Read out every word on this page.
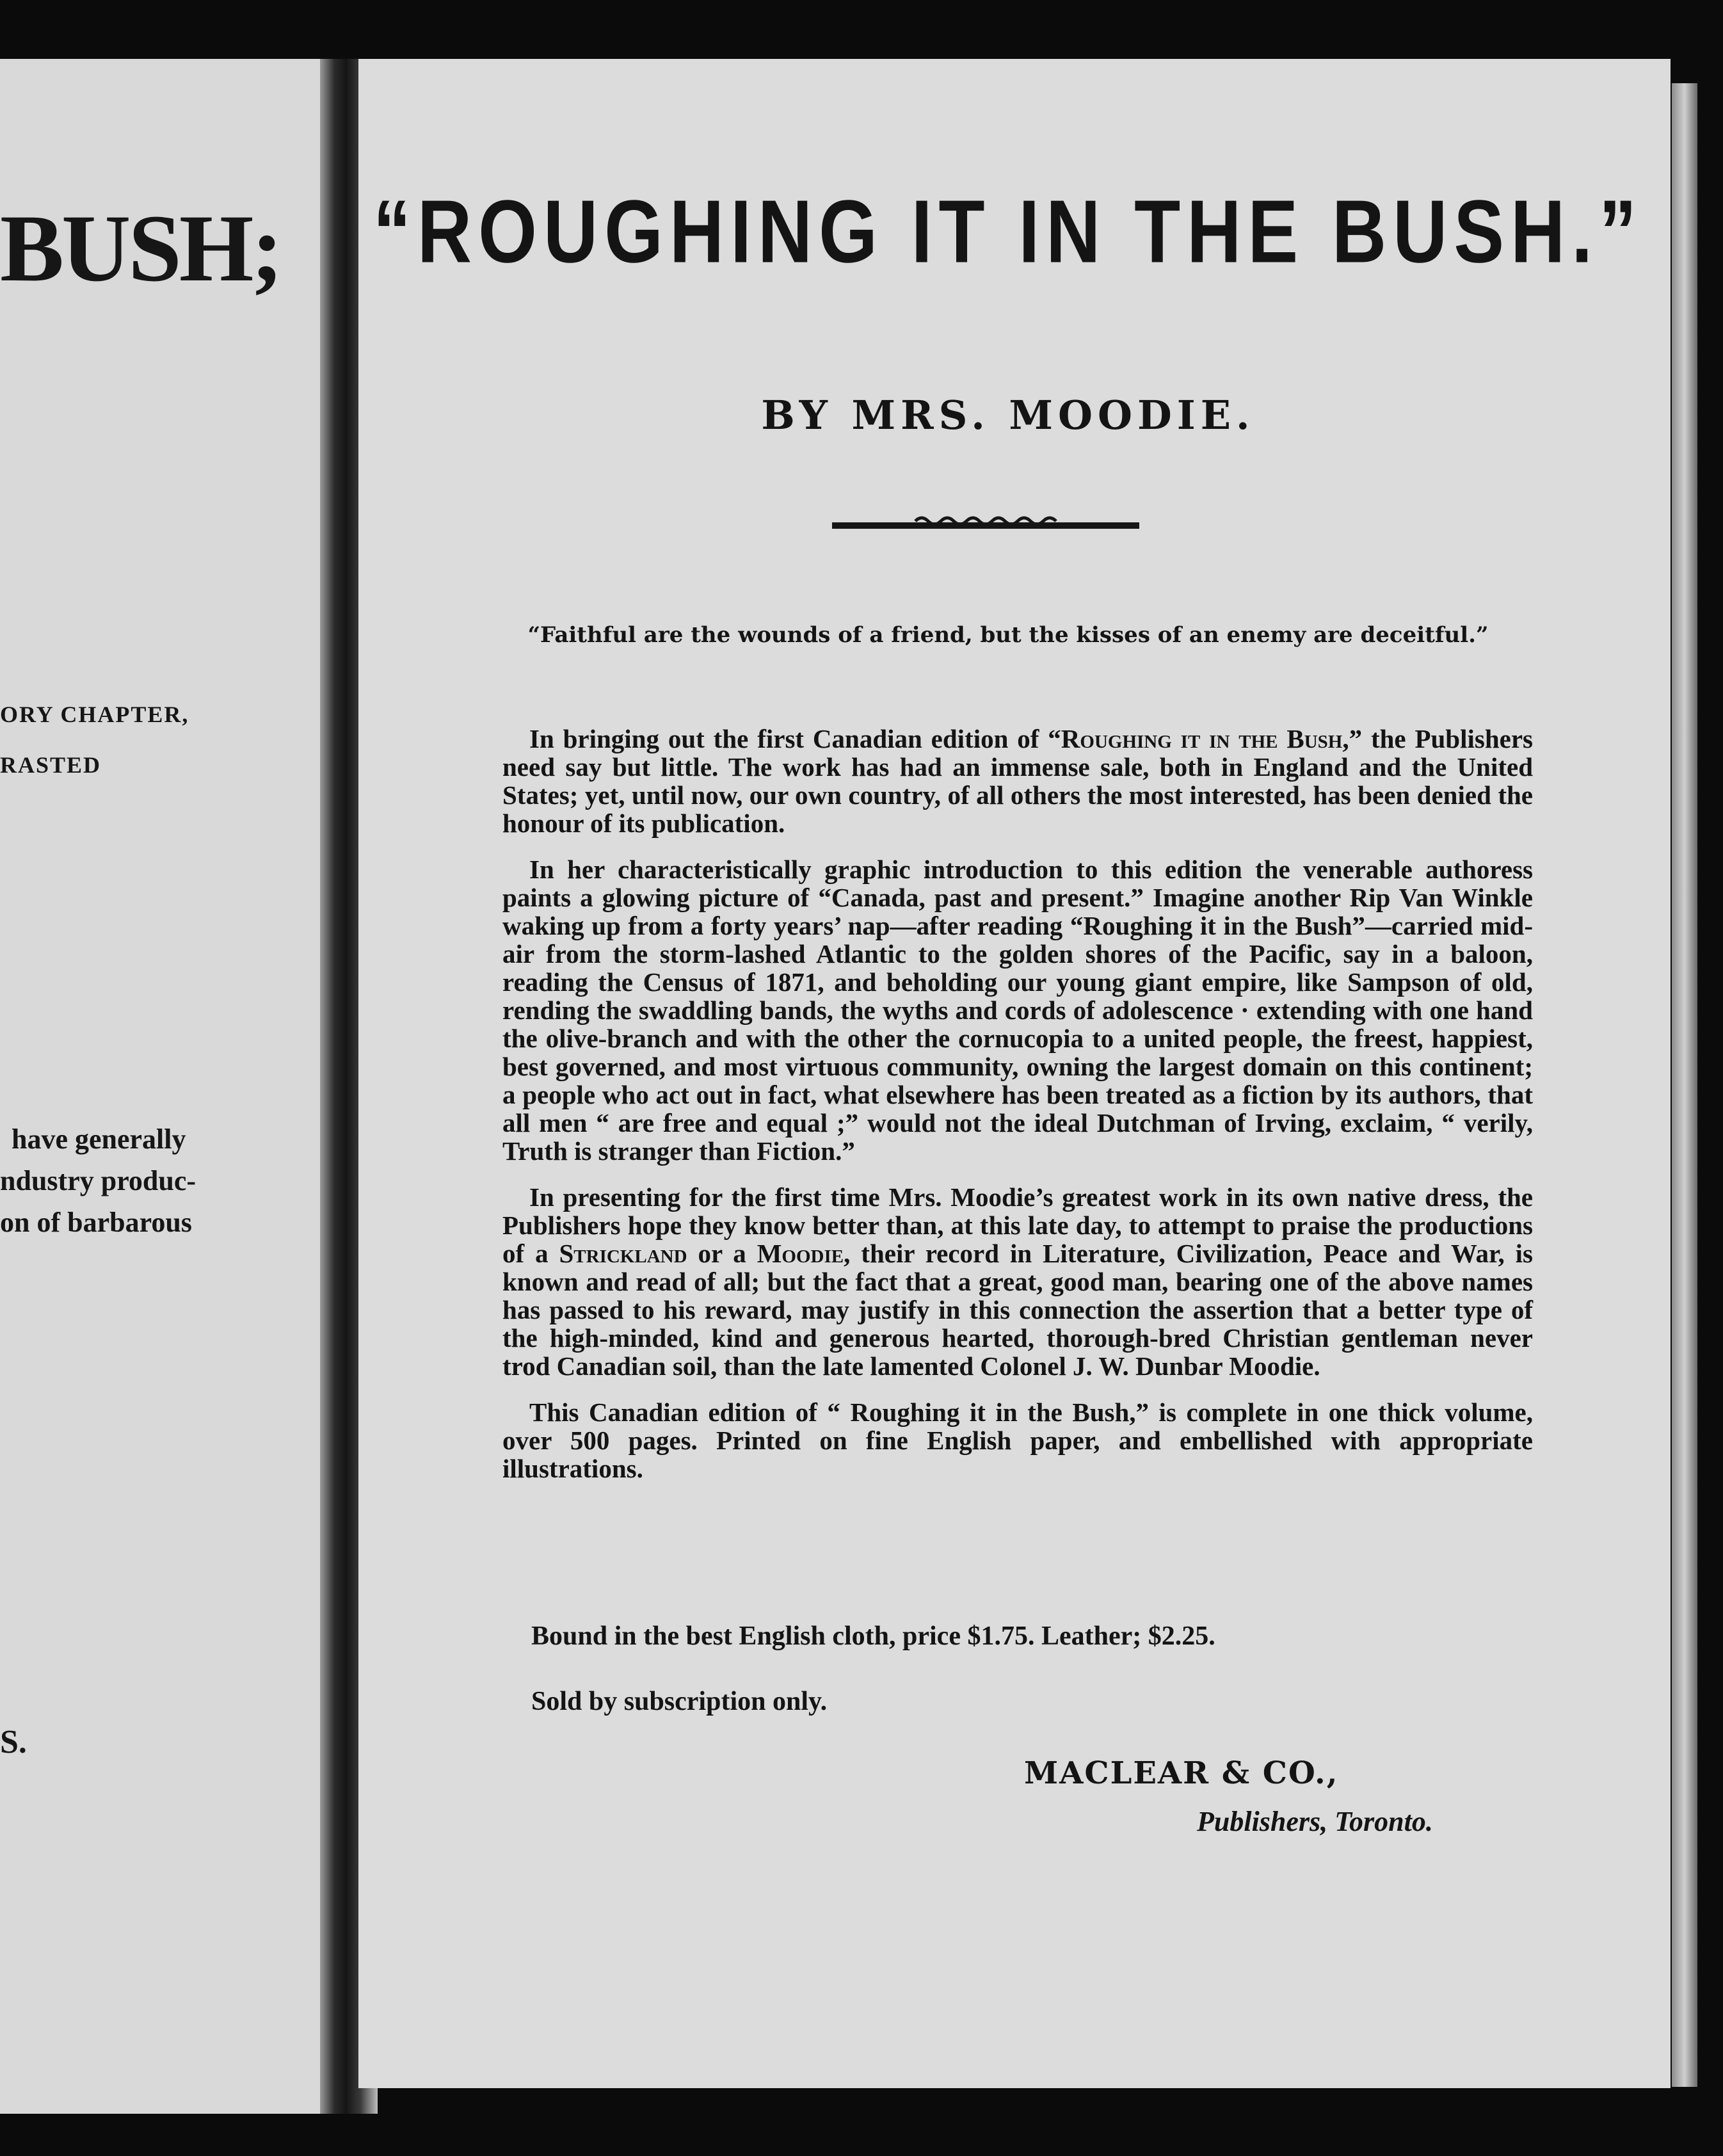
BUSH;
ORY CHAPTER,
RASTED
have generally
ndustry produc-
on of barbarous
S.
“ROUGHING IT IN THE BUSH.”
BY MRS. MOODIE.
“Faithful are the wounds of a friend, but the kisses of an enemy are deceitful.”

In bringing out the first Canadian edition of “Roughing it in the Bush,” the Publishers need say but little. The work has had an immense sale, both in England and the United States; yet, until now, our own country, of all others the most interested, has been denied the honour of its publication.

In her characteristically graphic introduction to this edition the venerable authoress paints a glowing picture of “Canada, past and present.” Imagine another Rip Van Winkle waking up from a forty years’ nap—after reading “Roughing it in the Bush”—carried mid-air from the storm-lashed Atlantic to the golden shores of the Pacific, say in a baloon, reading the Census of 1871, and beholding our young giant empire, like Sampson of old, rending the swaddling bands, the wyths and cords of adolescence · extending with one hand the olive-branch and with the other the cornucopia to a united people, the freest, happiest, best governed, and most virtuous community, owning the largest domain on this continent; a people who act out in fact, what elsewhere has been treated as a fiction by its authors, that all men “ are free and equal ;” would not the ideal Dutchman of Irving, exclaim, “ verily, Truth is stranger than Fiction.”

In presenting for the first time Mrs. Moodie’s greatest work in its own native dress, the Publishers hope they know better than, at this late day, to attempt to praise the productions of a Strickland or a Moodie, their record in Literature, Civilization, Peace and War, is known and read of all; but the fact that a great, good man, bearing one of the above names has passed to his reward, may justify in this connection the assertion that a better type of the high-minded, kind and generous hearted, thorough-bred Christian gentleman never trod Canadian soil, than the late lamented Colonel J. W. Dunbar Moodie.

This Canadian edition of “ Roughing it in the Bush,” is complete in one thick volume, over 500 pages. Printed on fine English paper, and embellished with appropriate illustrations.

Bound in the best English cloth, price $1.75. Leather; $2.25.
Sold by subscription only.
MACLEAR & CO.,
Publishers, Toronto.
